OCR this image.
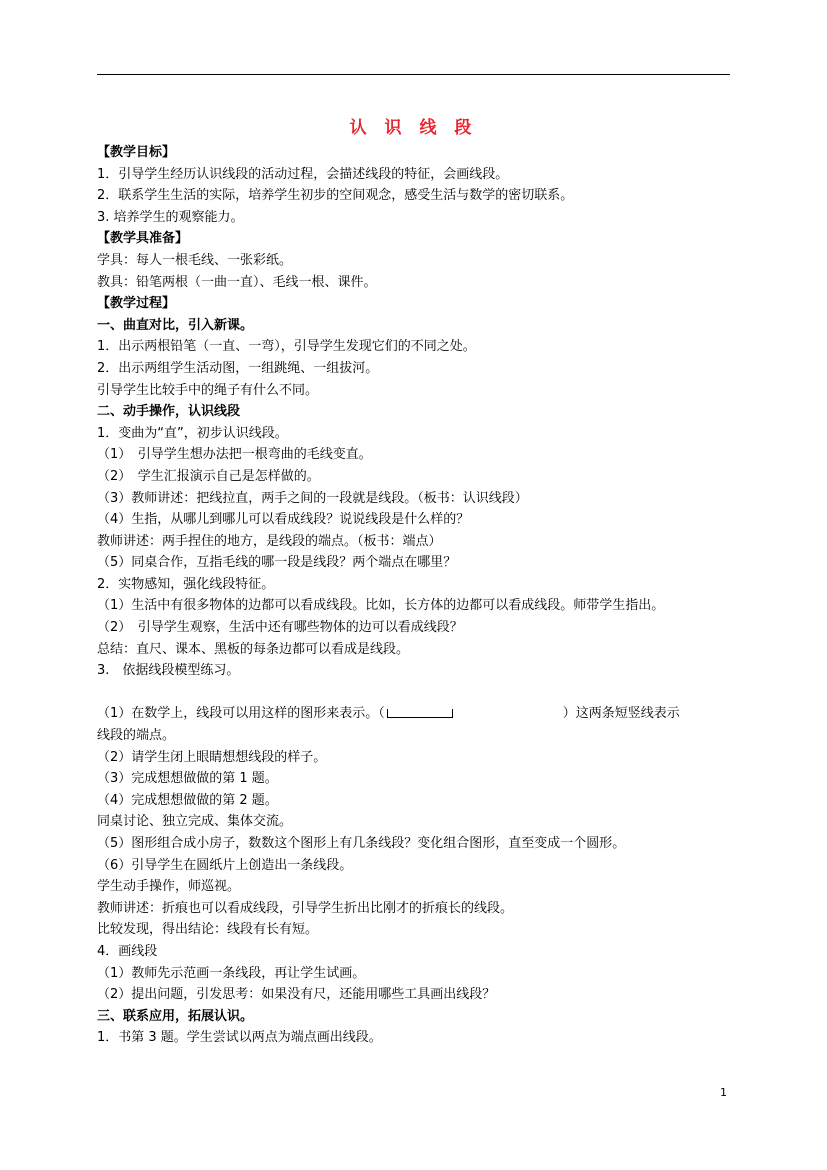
认 识 线 段
【教学目标】
1．引导学生经历认识线段的活动过程，会描述线段的特征，会画线段。
2．联系学生生活的实际，培养学生初步的空间观念，感受生活与数学的密切联系。
3. 培养学生的观察能力。
【教学具准备】
学具：每人一根毛线、一张彩纸。
教具：铅笔两根（一曲一直）、毛线一根、课件。
【教学过程】
一、曲直对比，引入新课。
1．出示两根铅笔（一直、一弯），引导学生发现它们的不同之处。
2．出示两组学生活动图，一组跳绳、一组拔河。
引导学生比较手中的绳子有什么不同。
二、动手操作，认识线段
1．变曲为“直”，初步认识线段。
（1）　引导学生想办法把一根弯曲的毛线变直。
（2）　学生汇报演示自己是怎样做的。
（3）教师讲述：把线拉直，两手之间的一段就是线段。（板书：认识线段）
（4）生指，从哪儿到哪儿可以看成线段？说说线段是什么样的？
教师讲述：两手捏住的地方，是线段的端点。（板书：端点）
（5）同桌合作，互指毛线的哪一段是线段？两个端点在哪里？
2．实物感知，强化线段特征。
（1）生活中有很多物体的边都可以看成线段。比如，长方体的边都可以看成线段。师带学生指出。
（2）　引导学生观察，生活中还有哪些物体的边可以看成线段？
总结：直尺、课本、黑板的每条边都可以看成是线段。
3.　依据线段模型练习。
（1）在数学上，线段可以用这样的图形来表示。（	）这两条短竖线表示
线段的端点。
（2）请学生闭上眼睛想想线段的样子。
（3）完成想想做做的第 1 题。
（4）完成想想做做的第 2 题。
同桌讨论、独立完成、集体交流。
（5）图形组合成小房子，数数这个图形上有几条线段？变化组合图形，直至变成一个圆形。
（6）引导学生在圆纸片上创造出一条线段。
学生动手操作，师巡视。
教师讲述：折痕也可以看成线段，引导学生折出比刚才的折痕长的线段。
比较发现，得出结论：线段有长有短。
4．画线段
（1）教师先示范画一条线段，再让学生试画。
（2）提出问题，引发思考：如果没有尺，还能用哪些工具画出线段？
三、联系应用，拓展认识。
1．书第 3 题。学生尝试以两点为端点画出线段。
1
